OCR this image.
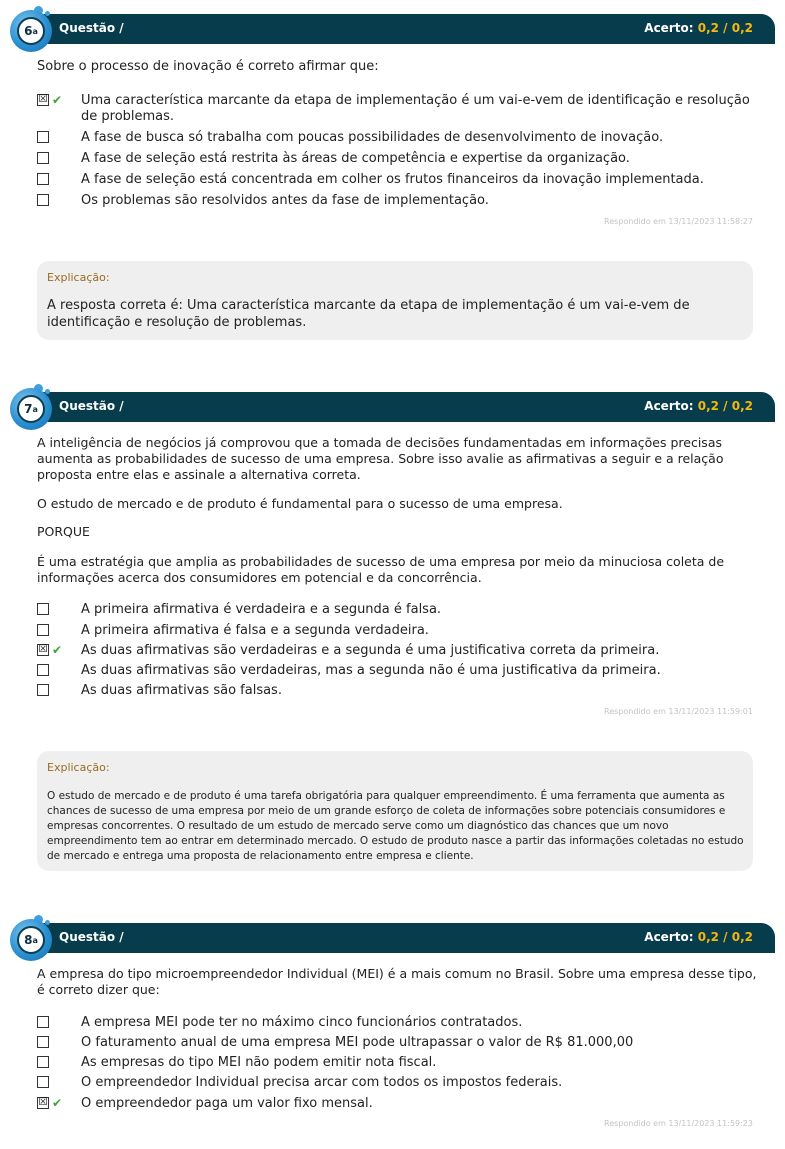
Questão /	Acerto: 0,2 / 0,2
6 a
Sobre o processo de inovação é correto afirmar que:
☒ ✔ Uma característica marcante da etapa de implementação é um vai-e-vem de identificação e resolução de problemas.
A fase de busca só trabalha com poucas possibilidades de desenvolvimento de inovação.
A fase de seleção está restrita às áreas de competência e expertise da organização.
A fase de seleção está concentrada em colher os frutos financeiros da inovação implementada.
Os problemas são resolvidos antes da fase de implementação.
Respondido em 13/11/2023 11:58:27
Explicação:
A resposta correta é: Uma característica marcante da etapa de implementação é um vai-e-vem de identificação e resolução de problemas.
Questão /	Acerto: 0,2 / 0,2
7 a
A inteligência de negócios já comprovou que a tomada de decisões fundamentadas em informações precisas aumenta as probabilidades de sucesso de uma empresa. Sobre isso avalie as afirmativas a seguir e a relação proposta entre elas e assinale a alternativa correta.
O estudo de mercado e de produto é fundamental para o sucesso de uma empresa.
PORQUE
É uma estratégia que amplia as probabilidades de sucesso de uma empresa por meio da minuciosa coleta de informações acerca dos consumidores em potencial e da concorrência.
A primeira afirmativa é verdadeira e a segunda é falsa.
A primeira afirmativa é falsa e a segunda verdadeira.
☒ ✔ As duas afirmativas são verdadeiras e a segunda é uma justificativa correta da primeira.
As duas afirmativas são verdadeiras, mas a segunda não é uma justificativa da primeira.
As duas afirmativas são falsas.
Respondido em 13/11/2023 11:59:01
Explicação:
O estudo de mercado e de produto é uma tarefa obrigatória para qualquer empreendimento. É uma ferramenta que aumenta as chances de sucesso de uma empresa por meio de um grande esforço de coleta de informações sobre potenciais consumidores e empresas concorrentes. O resultado de um estudo de mercado serve como um diagnóstico das chances que um novo empreendimento tem ao entrar em determinado mercado. O estudo de produto nasce a partir das informações coletadas no estudo de mercado e entrega uma proposta de relacionamento entre empresa e cliente.
Questão /	Acerto: 0,2 / 0,2
8 a
A empresa do tipo microempreendedor Individual (MEI) é a mais comum no Brasil. Sobre uma empresa desse tipo, é correto dizer que:
A empresa MEI pode ter no máximo cinco funcionários contratados.
O faturamento anual de uma empresa MEI pode ultrapassar o valor de R$ 81.000,00
As empresas do tipo MEI não podem emitir nota fiscal.
O empreendedor Individual precisa arcar com todos os impostos federais.
☒ ✔ O empreendedor paga um valor fixo mensal.
Respondido em 13/11/2023 11:59:23
